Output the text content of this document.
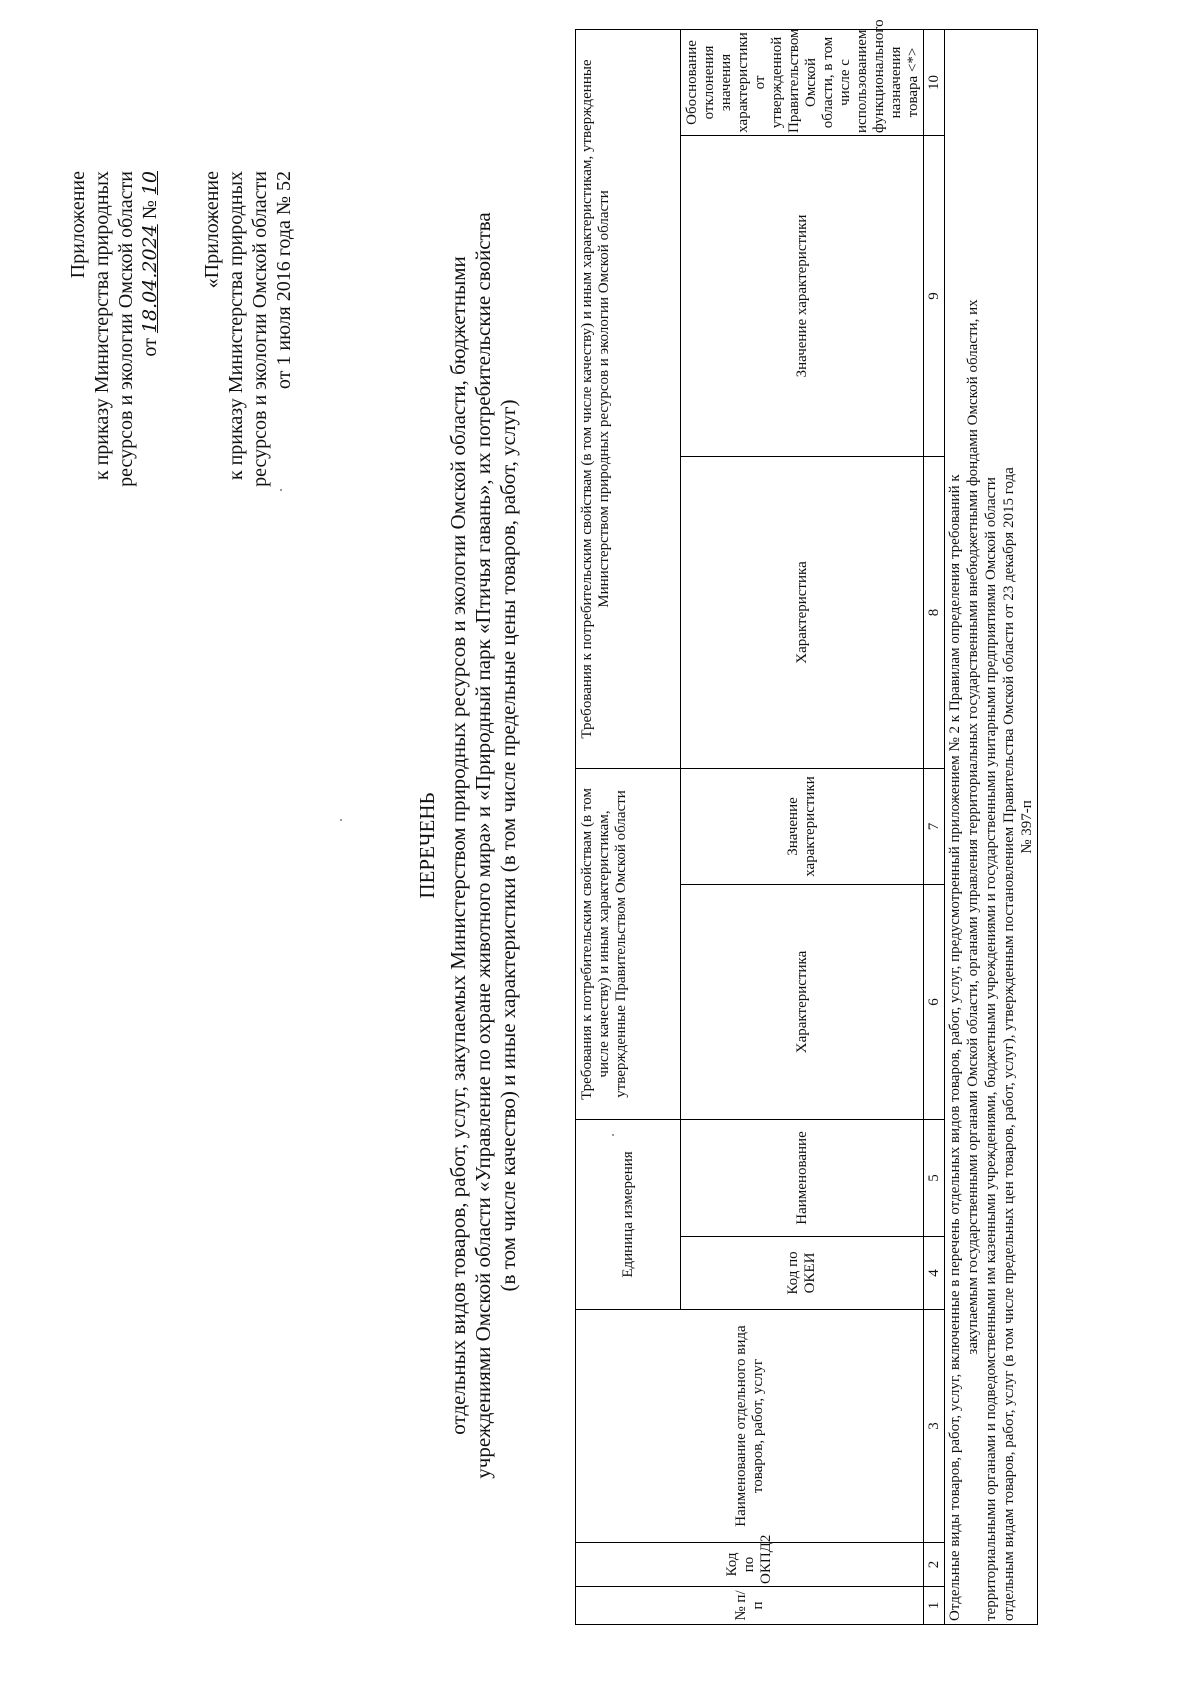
Приложение к приказу Министерства природных ресурсов и экологии Омской области от 18.04.2024 № 10 «Приложение к приказу Министерства природных ресурсов и экологии Омской области от 1 июля 2016 года № 52
ПЕРЕЧЕНЬ отдельных видов товаров, работ, услуг, закупаемых Министерством природных ресурсов и экологии Омской области, бюджетными учреждениями Омской области «Управление по охране животного мира» и «Природный парк «Птичья гавань», их потребительские свойства (в том числе качество) и иные характеристики (в том числе предельные цены товаров, работ, услуг)
№ п/п	Код по ОКПД2	Наименование отдельного вида товаров, работ, услуг	Единица измерения		Требования к потребительским свойствам (в том числе качеству) и иным характеристикам, утвержденные Правительством Омской области		Требования к потребительским свойствам (в том числе качеству) и иным характеристикам, утвержденные Министерством природных ресурсов и экологии Омской области		
			Код по ОКЕИ	Наименование	Характеристика	Значение характеристики	Характеристика	Значение характеристики	Обоснование отклонения значения характеристики от утвержденной Правительством Омской области, в том числе с использованием функционального назначения товара <*>
1	2	3	4	5	6	7	8	9	10

Отдельные виды товаров, работ, услуг, включенные в перечень отдельных видов товаров, работ, услуг, предусмотренный приложением № 2 к Правилам определения требований к закупаемым государственными органами Омской области, органами управления территориальных государственными внебюджетными фондами Омской области, их территориальными органами и подведомственными им казенными учреждениями, бюджетными учреждениями и государственными унитарными предприятиями Омской области отдельным видам товаров, работ, услуг (в том числе предельных цен товаров, работ, услуг), утвержденным постановлением Правительства Омской области от 23 декабря 2015 года № 397-п									
